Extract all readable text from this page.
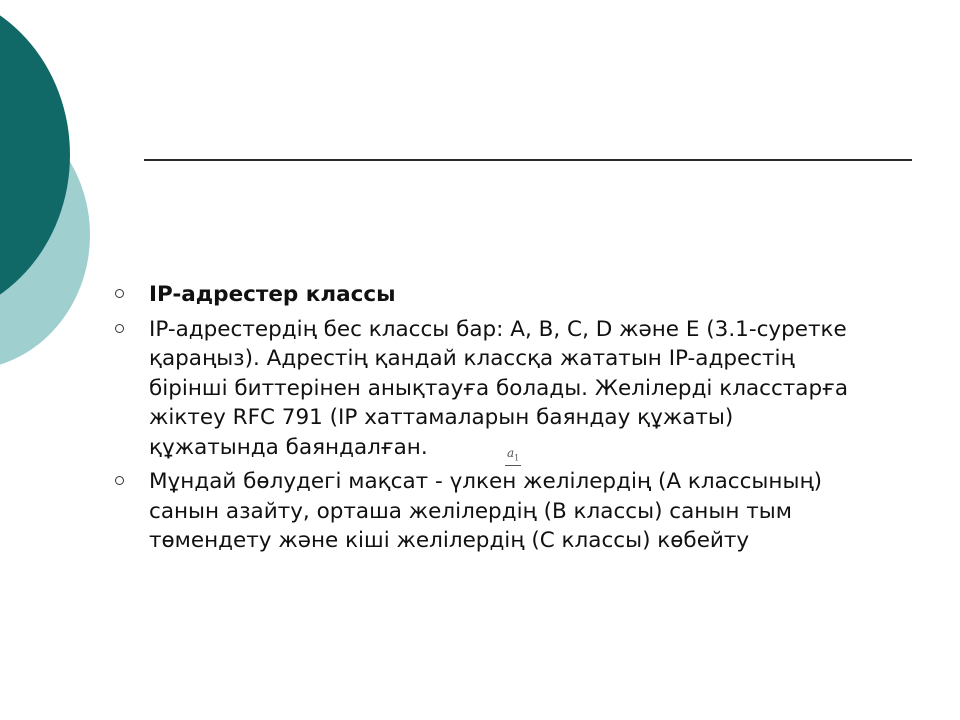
IP-адрестер классы
IP-адрестердің бес классы бар: A, B, C, D және E (3.1-суретке қараңыз). Адрестің қандай классқа жататын IP-адрестің бірінші биттерінен анықтауға болады. Желілерді класстарға жіктеу RFC 791 (IP хаттамаларын баяндау құжаты) құжатында баяндалған.
Мұндай бөлудегі мақсат - үлкен желілердің (А классының) санын азайту, орташа желілердің (В классы) санын тым төмендету және кіші желілердің (С классы) көбейту
$a_1$
